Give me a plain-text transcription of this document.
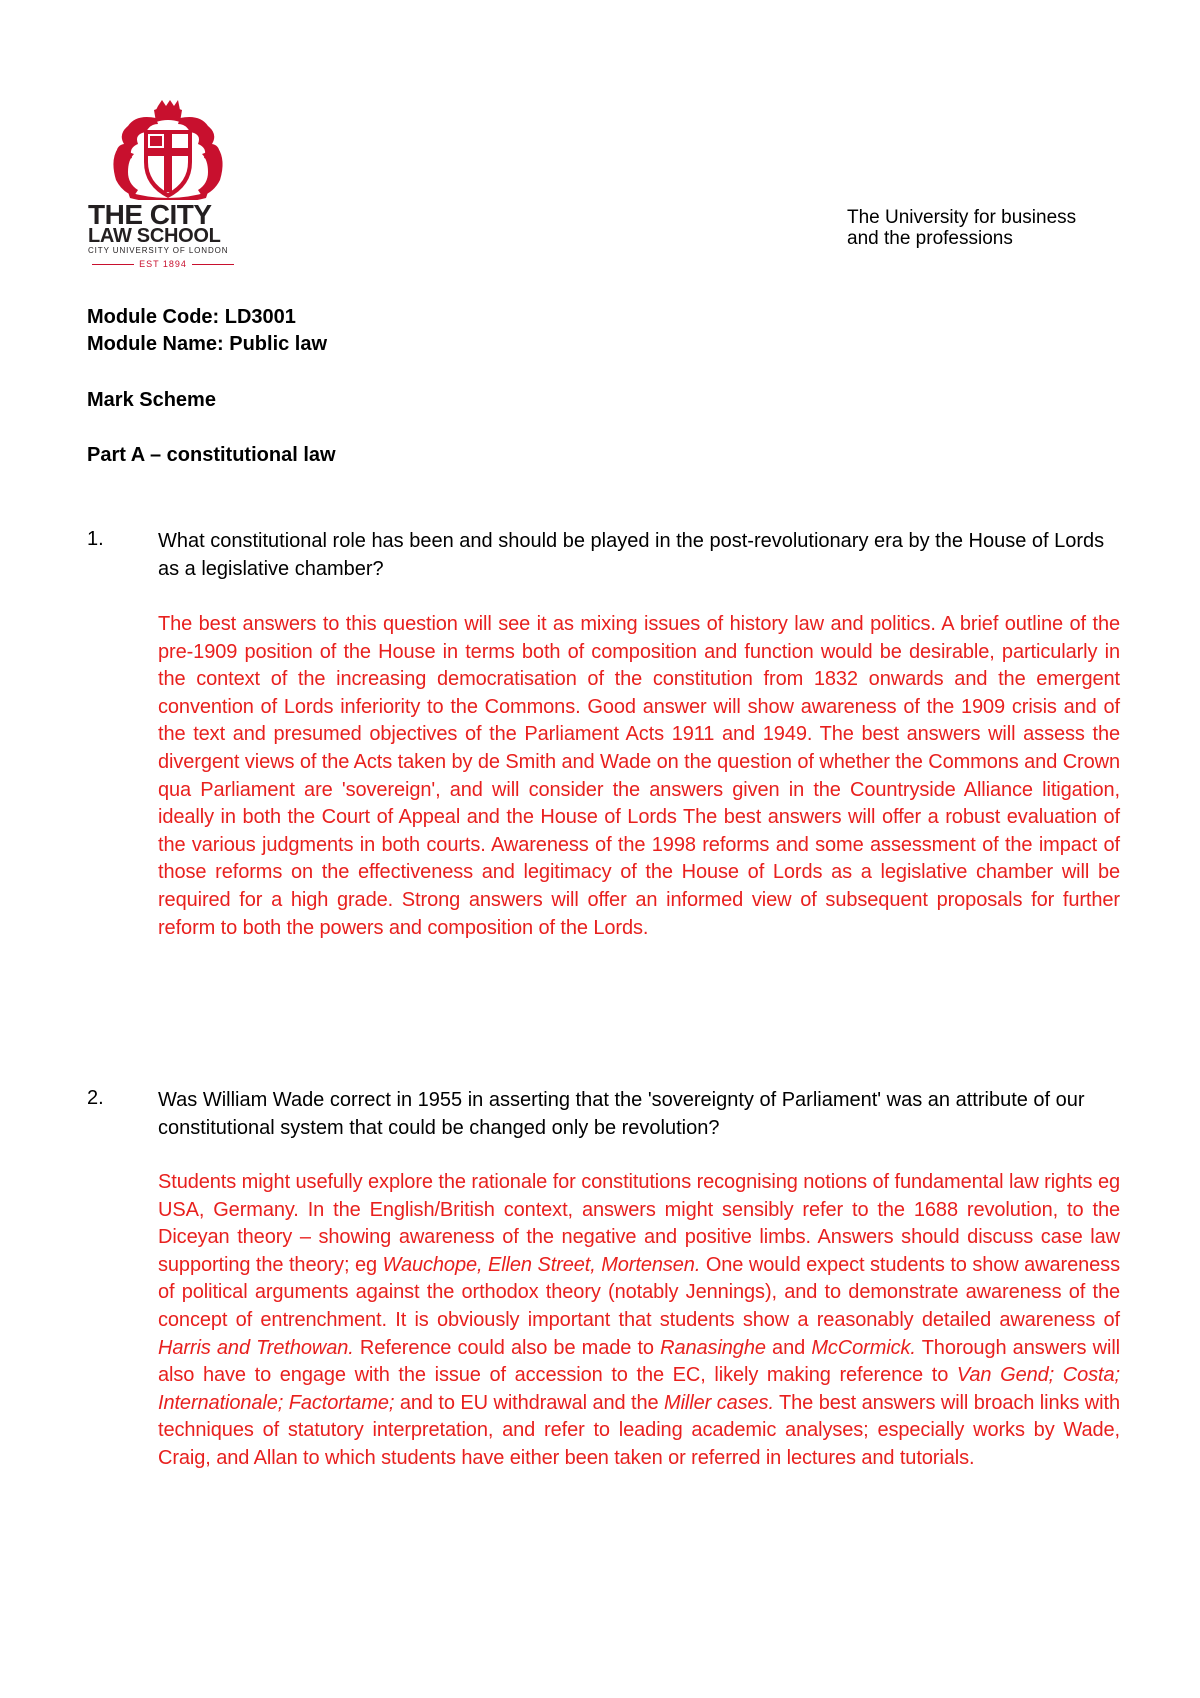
THE CITY
LAW SCHOOL
CITY UNIVERSITY OF LONDON
EST 1894
The University for business
and the professions
Module Code: LD3001
Module Name: Public law
Mark Scheme
Part A – constitutional law
1.	What constitutional role has been and should be played in the post-revolutionary era by the House of Lords as a legislative chamber?
The best answers to this question will see it as mixing issues of history law and politics. A brief outline of the pre-1909 position of the House in terms both of composition and function would be desirable, particularly in the context of the increasing democratisation of the constitution from 1832 onwards and the emergent convention of Lords inferiority to the Commons. Good answer will show awareness of the 1909 crisis and of the text and presumed objectives of the Parliament Acts 1911 and 1949. The best answers will assess the divergent views of the Acts taken by de Smith and Wade on the question of whether the Commons and Crown qua Parliament are 'sovereign', and will consider the answers given in the Countryside Alliance litigation, ideally in both the Court of Appeal and the House of Lords The best answers will offer a robust evaluation of the various judgments in both courts. Awareness of the 1998 reforms and some assessment of the impact of those reforms on the effectiveness and legitimacy of the House of Lords as a legislative chamber will be required for a high grade. Strong answers will offer an informed view of subsequent proposals for further reform to both the powers and composition of the Lords.
2.	Was William Wade correct in 1955 in asserting that the 'sovereignty of Parliament' was an attribute of our constitutional system that could be changed only be revolution?
Students might usefully explore the rationale for constitutions recognising notions of fundamental law rights eg USA, Germany. In the English/British context, answers might sensibly refer to the 1688 revolution, to the Diceyan theory – showing awareness of the negative and positive limbs. Answers should discuss case law supporting the theory; eg Wauchope, Ellen Street, Mortensen. One would expect students to show awareness of political arguments against the orthodox theory (notably Jennings), and to demonstrate awareness of the concept of entrenchment. It is obviously important that students show a reasonably detailed awareness of Harris and Trethowan. Reference could also be made to Ranasinghe and McCormick. Thorough answers will also have to engage with the issue of accession to the EC, likely making reference to Van Gend; Costa; Internationale; Factortame; and to EU withdrawal and the Miller cases. The best answers will broach links with techniques of statutory interpretation, and refer to leading academic analyses; especially works by Wade, Craig, and Allan to which students have either been taken or referred in lectures and tutorials.
